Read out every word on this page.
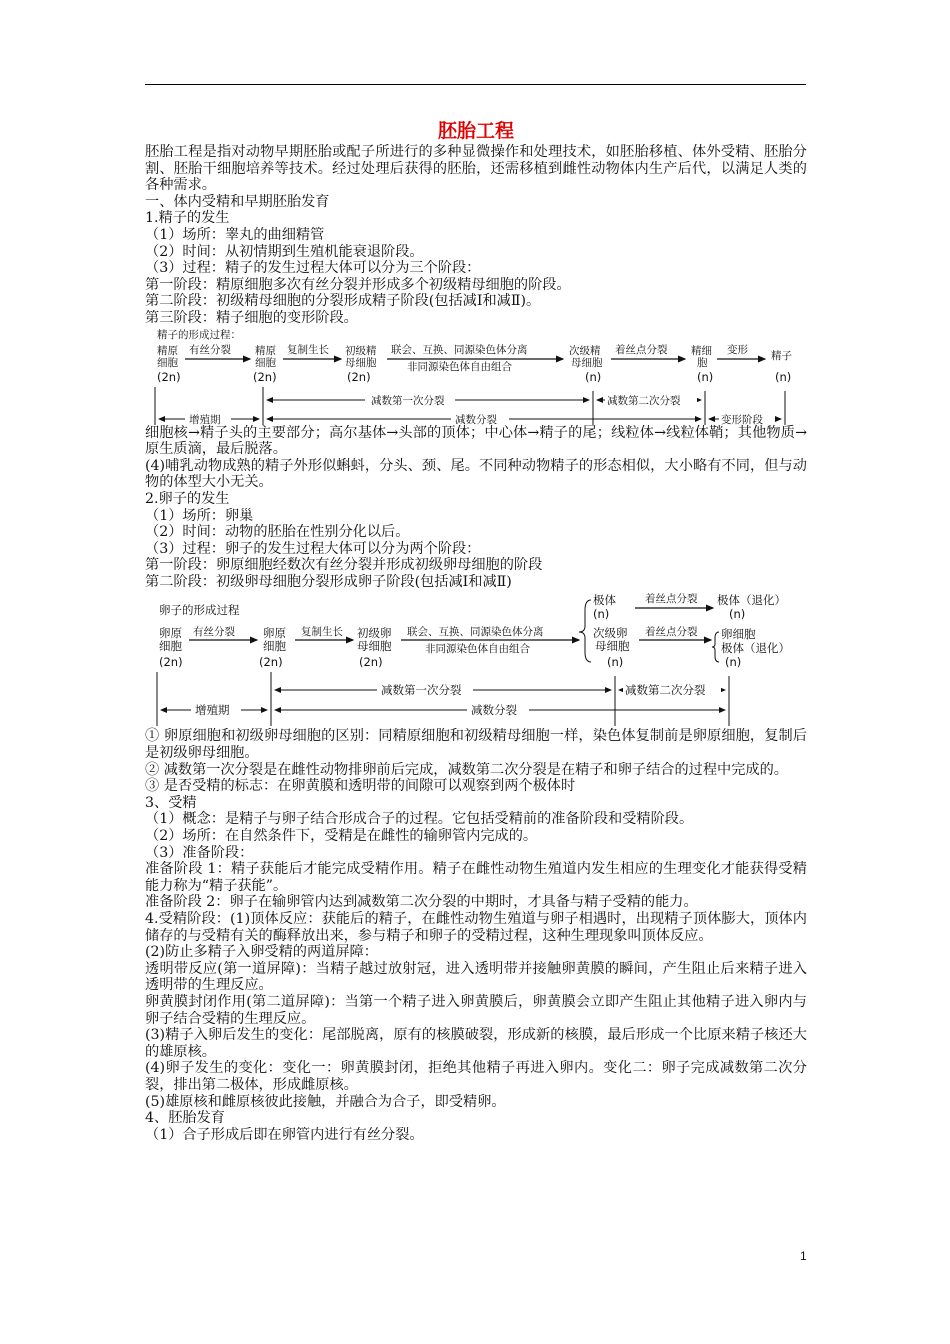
胚胎工程

胚胎工程是指对动物早期胚胎或配子所进行的多种显微操作和处理技术，如胚胎移植、体外受精、胚胎分割、胚胎干细胞培养等技术。经过处理后获得的胚胎，还需移植到雌性动物体内生产后代，以满足人类的各种需求。

一、体内受精和早期胚胎发育

1.精子的发生

（1）场所：睾丸的曲细精管

（2）时间：从初情期到生殖机能衰退阶段。

（3）过程：精子的发生过程大体可以分为三个阶段：

第一阶段：精原细胞多次有丝分裂并形成多个初级精母细胞的阶段。

第二阶段：初级精母细胞的分裂形成精子阶段(包括减Ⅰ和减Ⅱ)。

第三阶段：精子细胞的变形阶段。

精子的形成过程：
精原
细胞
(2n)
有丝分裂 精原
细胞
(2n)
复制生长 初级精
母细胞
(2n)
联会、互换、同源染色体分离
非同源染色体自由组合
次级精
母细胞
(n)
着丝点分裂 精细
胞
(n)
变形 精子
(n)
减数第一次分裂	减数第二次分裂
增殖期	减数分裂	变形阶段

细胞核→精子头的主要部分；高尔基体→头部的顶体；中心体→精子的尾；线粒体→线粒体鞘；其他物质→原生质滴，最后脱落。

(4)哺乳动物成熟的精子外形似蝌蚪，分头、颈、尾。不同种动物精子的形态相似，大小略有不同，但与动物的体型大小无关。

2.卵子的发生

（1）场所：卵巢

（2）时间：动物的胚胎在性别分化以后。

（3）过程：卵子的发生过程大体可以分为两个阶段：

第一阶段：卵原细胞经数次有丝分裂并形成初级卵母细胞的阶段

第二阶段：初级卵母细胞分裂形成卵子阶段(包括减Ⅰ和减Ⅱ)

卵子的形成过程
卵原
细胞
(2n)
有丝分裂 卵原
细胞
(2n)
复制生长 初级卵
母细胞
(2n)
联会、互换、同源染色体分离
非同源染色体自由组合
极体
(n)
着丝点分裂 极体（退化）
(n)
次级卵
母细胞
(n)
着丝点分裂 卵细胞
极体（退化）
(n)
减数第一次分裂	减数第二次分裂
增殖期	减数分裂

① 卵原细胞和初级卵母细胞的区别：同精原细胞和初级精母细胞一样，染色体复制前是卵原细胞，复制后是初级卵母细胞。

② 减数第一次分裂是在雌性动物排卵前后完成，减数第二次分裂是在精子和卵子结合的过程中完成的。

③ 是否受精的标志：在卵黄膜和透明带的间隙可以观察到两个极体时

3、受精

（1）概念：是精子与卵子结合形成合子的过程。它包括受精前的准备阶段和受精阶段。

（2）场所：在自然条件下，受精是在雌性的输卵管内完成的。

（3）准备阶段：

准备阶段 1：精子获能后才能完成受精作用。精子在雌性动物生殖道内发生相应的生理变化才能获得受精能力称为“精子获能”。

准备阶段 2：卵子在输卵管内达到减数第二次分裂的中期时，才具备与精子受精的能力。

4.受精阶段：(1)顶体反应：获能后的精子，在雌性动物生殖道与卵子相遇时，出现精子顶体膨大，顶体内储存的与受精有关的酶释放出来，参与精子和卵子的受精过程，这种生理现象叫顶体反应。

(2)防止多精子入卵受精的两道屏障：

透明带反应(第一道屏障)：当精子越过放射冠，进入透明带并接触卵黄膜的瞬间，产生阻止后来精子进入透明带的生理反应。

卵黄膜封闭作用(第二道屏障)：当第一个精子进入卵黄膜后，卵黄膜会立即产生阻止其他精子进入卵内与卵子结合受精的生理反应。

(3)精子入卵后发生的变化：尾部脱离，原有的核膜破裂，形成新的核膜，最后形成一个比原来精子核还大的雄原核。

(4)卵子发生的变化：变化一：卵黄膜封闭，拒绝其他精子再进入卵内。变化二：卵子完成减数第二次分裂，排出第二极体，形成雌原核。

(5)雄原核和雌原核彼此接触，并融合为合子，即受精卵。

4、胚胎发育

（1）合子形成后即在卵管内进行有丝分裂。

1
